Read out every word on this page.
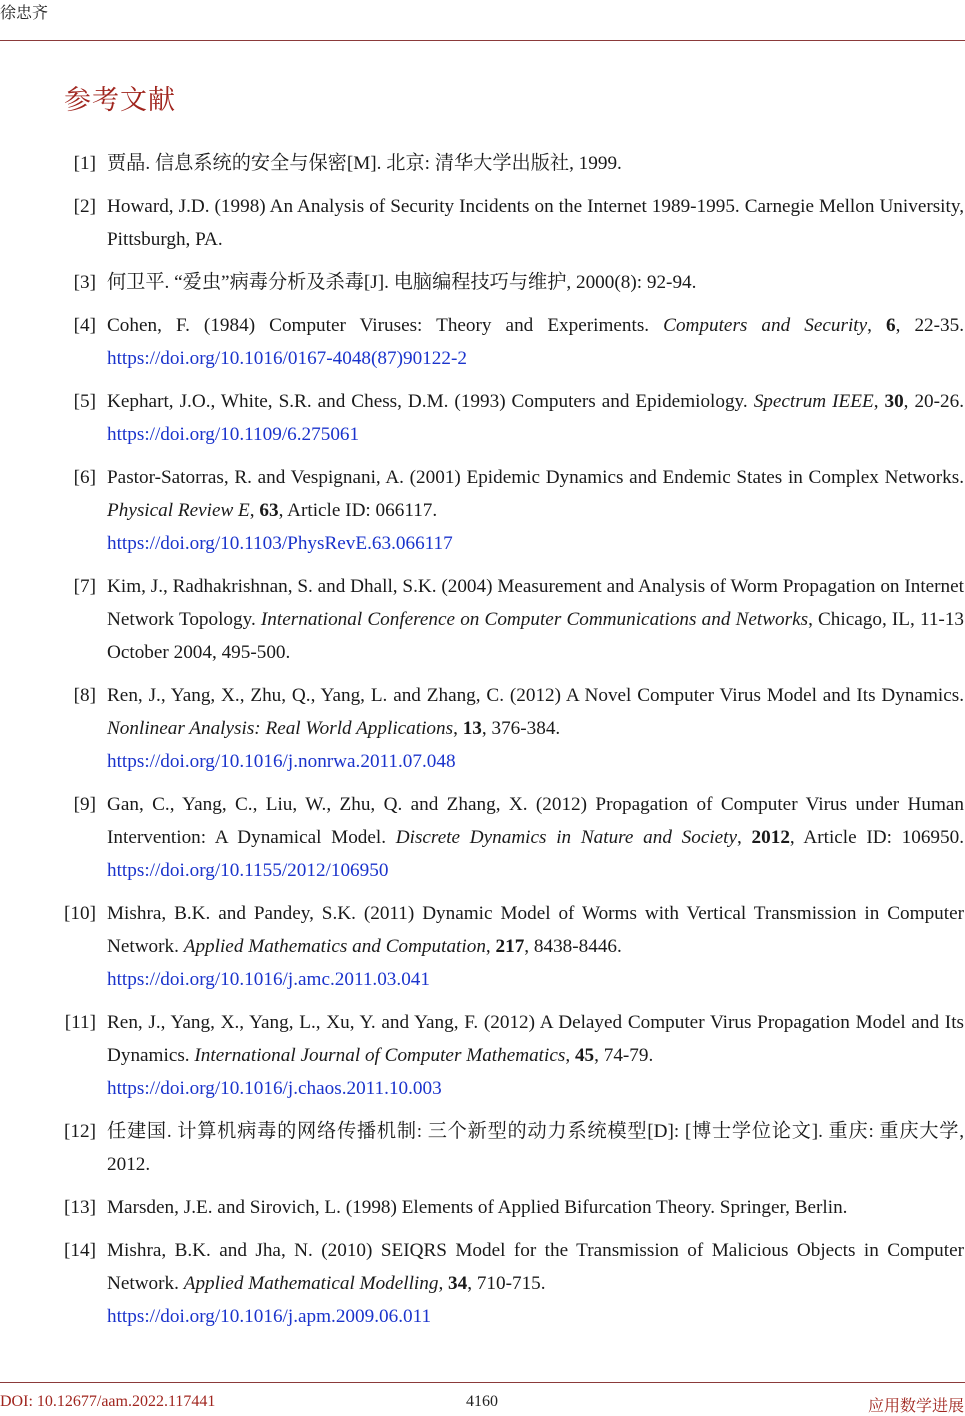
徐忠齐
参考文献
[1] 贾晶. 信息系统的安全与保密[M]. 北京: 清华大学出版社, 1999.
[2] Howard, J.D. (1998) An Analysis of Security Incidents on the Internet 1989-1995. Carnegie Mellon University, Pittsburgh, PA.
[3] 何卫平. “爱虫”病毒分析及杀毒[J]. 电脑编程技巧与维护, 2000(8): 92-94.
[4] Cohen, F. (1984) Computer Viruses: Theory and Experiments. Computers and Security, 6, 22-35. https://doi.org/10.1016/0167-4048(87)90122-2
[5] Kephart, J.O., White, S.R. and Chess, D.M. (1993) Computers and Epidemiology. Spectrum IEEE, 30, 20-26. https://doi.org/10.1109/6.275061
[6] Pastor-Satorras, R. and Vespignani, A. (2001) Epidemic Dynamics and Endemic States in Complex Networks. Physical Review E, 63, Article ID: 066117.
https://doi.org/10.1103/PhysRevE.63.066117
[7] Kim, J., Radhakrishnan, S. and Dhall, S.K. (2004) Measurement and Analysis of Worm Propagation on Internet Network Topology. International Conference on Computer Communications and Networks, Chicago, IL, 11-13 October 2004, 495-500.
[8] Ren, J., Yang, X., Zhu, Q., Yang, L. and Zhang, C. (2012) A Novel Computer Virus Model and Its Dynamics. Nonlinear Analysis: Real World Applications, 13, 376-384.
https://doi.org/10.1016/j.nonrwa.2011.07.048
[9] Gan, C., Yang, C., Liu, W., Zhu, Q. and Zhang, X. (2012) Propagation of Computer Virus under Human Intervention: A Dynamical Model. Discrete Dynamics in Nature and Society, 2012, Article ID: 106950. https://doi.org/10.1155/2012/106950
[10] Mishra, B.K. and Pandey, S.K. (2011) Dynamic Model of Worms with Vertical Transmission in Computer Network. Applied Mathematics and Computation, 217, 8438-8446.
https://doi.org/10.1016/j.amc.2011.03.041
[11] Ren, J., Yang, X., Yang, L., Xu, Y. and Yang, F. (2012) A Delayed Computer Virus Propagation Model and Its Dynamics. International Journal of Computer Mathematics, 45, 74-79.
https://doi.org/10.1016/j.chaos.2011.10.003
[12] 任建国. 计算机病毒的网络传播机制: 三个新型的动力系统模型[D]: [博士学位论文]. 重庆: 重庆大学, 2012.
[13] Marsden, J.E. and Sirovich, L. (1998) Elements of Applied Bifurcation Theory. Springer, Berlin.
[14] Mishra, B.K. and Jha, N. (2010) SEIQRS Model for the Transmission of Malicious Objects in Computer Network. Applied Mathematical Modelling, 34, 710-715.
https://doi.org/10.1016/j.apm.2009.06.011
DOI: 10.12677/aam.2022.117441	4160	应用数学进展
